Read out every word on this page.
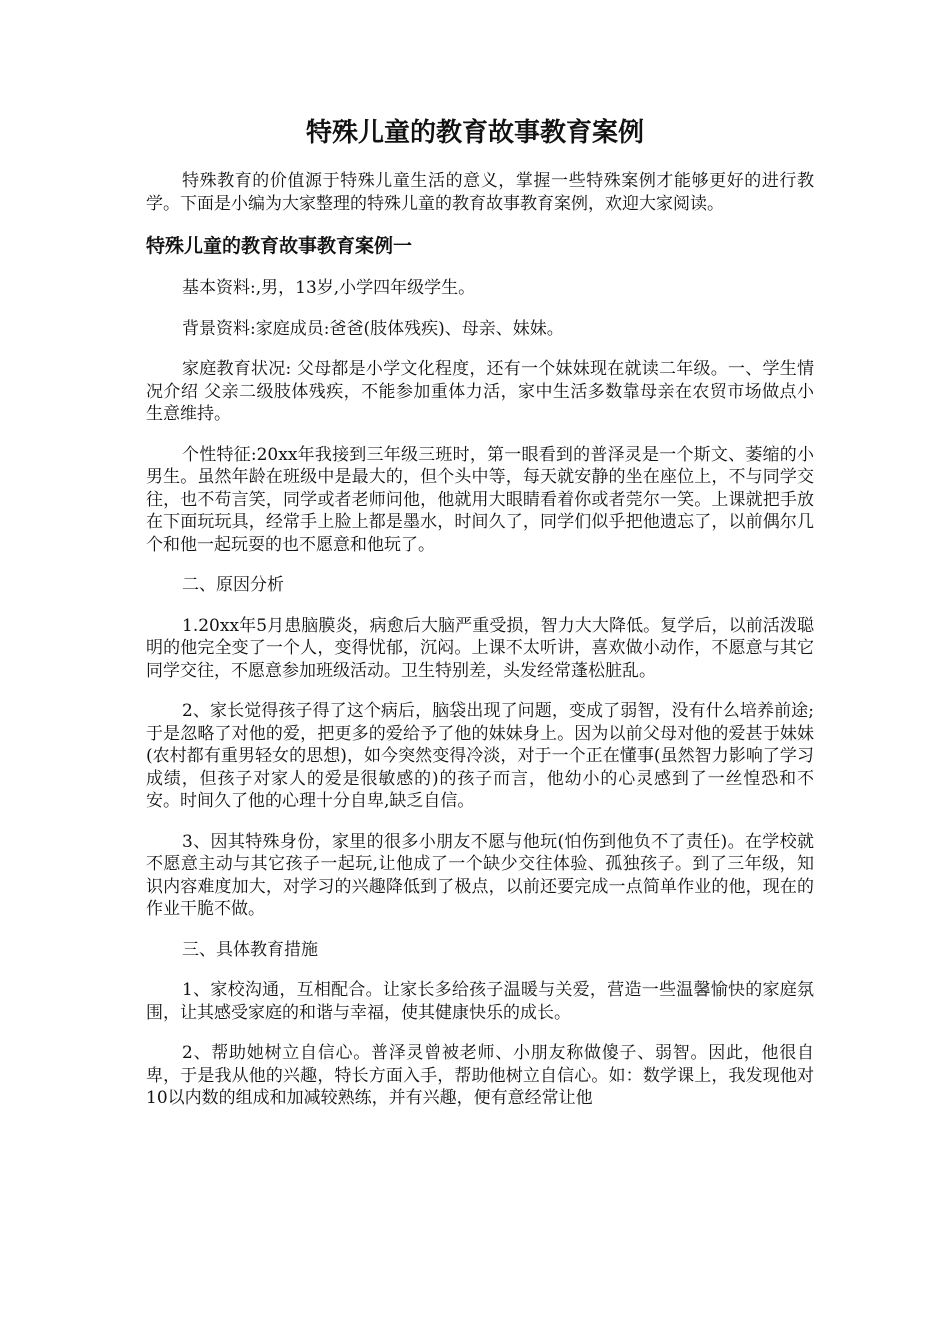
特殊儿童的教育故事教育案例

特殊教育的价值源于特殊儿童生活的意义，掌握一些特殊案例才能够更好的进行教学。下面是小编为大家整理的特殊儿童的教育故事教育案例，欢迎大家阅读。

特殊儿童的教育故事教育案例一

基本资料:,男，13岁,小学四年级学生。

背景资料:家庭成员:爸爸(肢体残疾)、母亲、妹妹。

家庭教育状况: 父母都是小学文化程度，还有一个妹妹现在就读二年级。一、学生情况介绍 父亲二级肢体残疾，不能参加重体力活，家中生活多数靠母亲在农贸市场做点小生意维持。

个性特征:20xx年我接到三年级三班时，第一眼看到的普泽灵是一个斯文、萎缩的小男生。虽然年龄在班级中是最大的，但个头中等，每天就安静的坐在座位上，不与同学交往，也不苟言笑，同学或者老师问他，他就用大眼睛看着你或者莞尔一笑。上课就把手放在下面玩玩具，经常手上脸上都是墨水，时间久了，同学们似乎把他遗忘了，以前偶尔几个和他一起玩耍的也不愿意和他玩了。

二、原因分析

1.20xx年5月患脑膜炎，病愈后大脑严重受损，智力大大降低。复学后，以前活泼聪明的他完全变了一个人，变得忧郁，沉闷。上课不太听讲，喜欢做小动作，不愿意与其它同学交往，不愿意参加班级活动。卫生特别差，头发经常蓬松脏乱。

2、家长觉得孩子得了这个病后，脑袋出现了问题，变成了弱智，没有什么培养前途;于是忽略了对他的爱，把更多的爱给予了他的妹妹身上。因为以前父母对他的爱甚于妹妹(农村都有重男轻女的思想)，如今突然变得冷淡，对于一个正在懂事(虽然智力影响了学习成绩，但孩子对家人的爱是很敏感的)的孩子而言，他幼小的心灵感到了一丝惶恐和不安。时间久了他的心理十分自卑,缺乏自信。

3、因其特殊身份，家里的很多小朋友不愿与他玩(怕伤到他负不了责任)。在学校就不愿意主动与其它孩子一起玩,让他成了一个缺少交往体验、孤独孩子。到了三年级，知识内容难度加大，对学习的兴趣降低到了极点，以前还要完成一点简单作业的他，现在的作业干脆不做。

三、具体教育措施

1、家校沟通，互相配合。让家长多给孩子温暖与关爱，营造一些温馨愉快的家庭氛围，让其感受家庭的和谐与幸福，使其健康快乐的成长。

2、帮助她树立自信心。普泽灵曾被老师、小朋友称做傻子、弱智。因此，他很自卑，于是我从他的兴趣，特长方面入手，帮助他树立自信心。如：数学课上，我发现他对10以内数的组成和加减较熟练，并有兴趣，便有意经常让他
